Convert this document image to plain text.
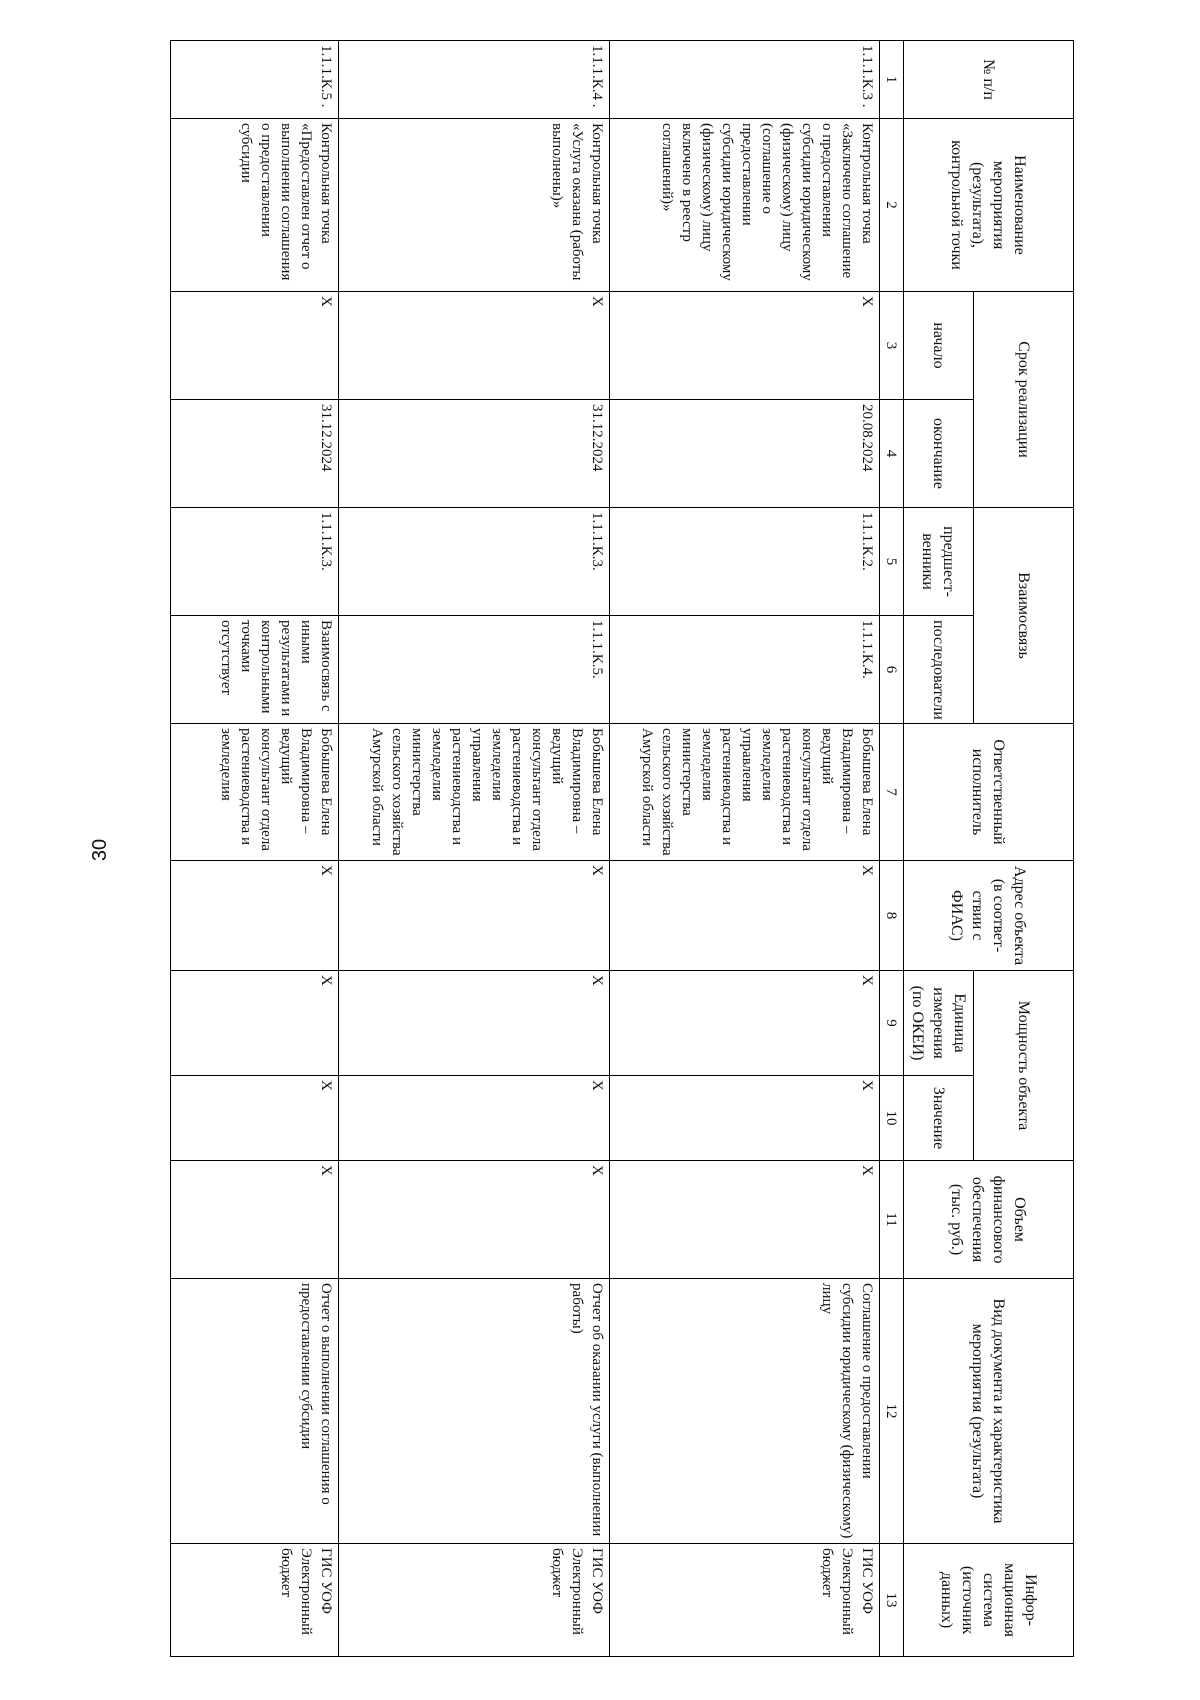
30
№ п/п	Наименование мероприятия (результата), контрольной точки	Срок реализации		Взаимосвязь		Ответственный исполнитель	Адрес объекта (в соответ-ствии с ФИАС)	Мощность объекта		Объем финансового обеспечения (тыс. руб.)	Вид документа и характеристика мероприятия (результата)	Инфор-мационная система (источник данных)
		начало	окончание	предшест-венники	последователи			Единица измерения (по ОКЕИ)	Значение			
1	2	3	4	5	6	7	8	9	10	11	12	13
1.1.1.К.3 .	Контрольная точка «Заключено соглашение о предоставлении субсидии юридическому (физическому) лицу (соглашение о предоставлении субсидии юридическому (физическому) лицу включено в реестр соглашений)»	Х	20.08.2024	1.1.1.К.2.	1.1.1.К.4.	Бобышева Елена Владимировна – ведущий консультант отдела растениеводства и земледелия управления растениеводства и земледелия министерства сельского хозяйства Амурской области	Х	Х	Х	Х	Соглашение о предоставлении субсидии юридическому (физическому) лицу	ГИС УОФ Электронный бюджет
1.1.1.К.4 .	Контрольная точка «Услуга оказана (работы выполнены)»	Х	31.12.2024	1.1.1.К.3.	1.1.1.К.5.	Бобышева Елена Владимировна – ведущий консультант отдела растениеводства и земледелия управления растениеводства и земледелия министерства сельского хозяйства Амурской области	Х	Х	Х	Х	Отчет об оказании услуги (выполнении работы)	ГИС УОФ Электронный бюджет
1.1.1.К.5 .	Контрольная точка «Предоставлен отчет о выполнении соглашения о предоставлении субсидии	Х	31.12.2024	1.1.1.К.3.	Взаимосвязь с иными результатами и контрольными точками отсутствует	Бобышева Елена Владимировна – ведущий консультант отдела растениеводства и земледелия	Х	Х	Х	Х	Отчет о выполнении соглашения о предоставлении субсидии	ГИС УОФ Электронный бюджет
